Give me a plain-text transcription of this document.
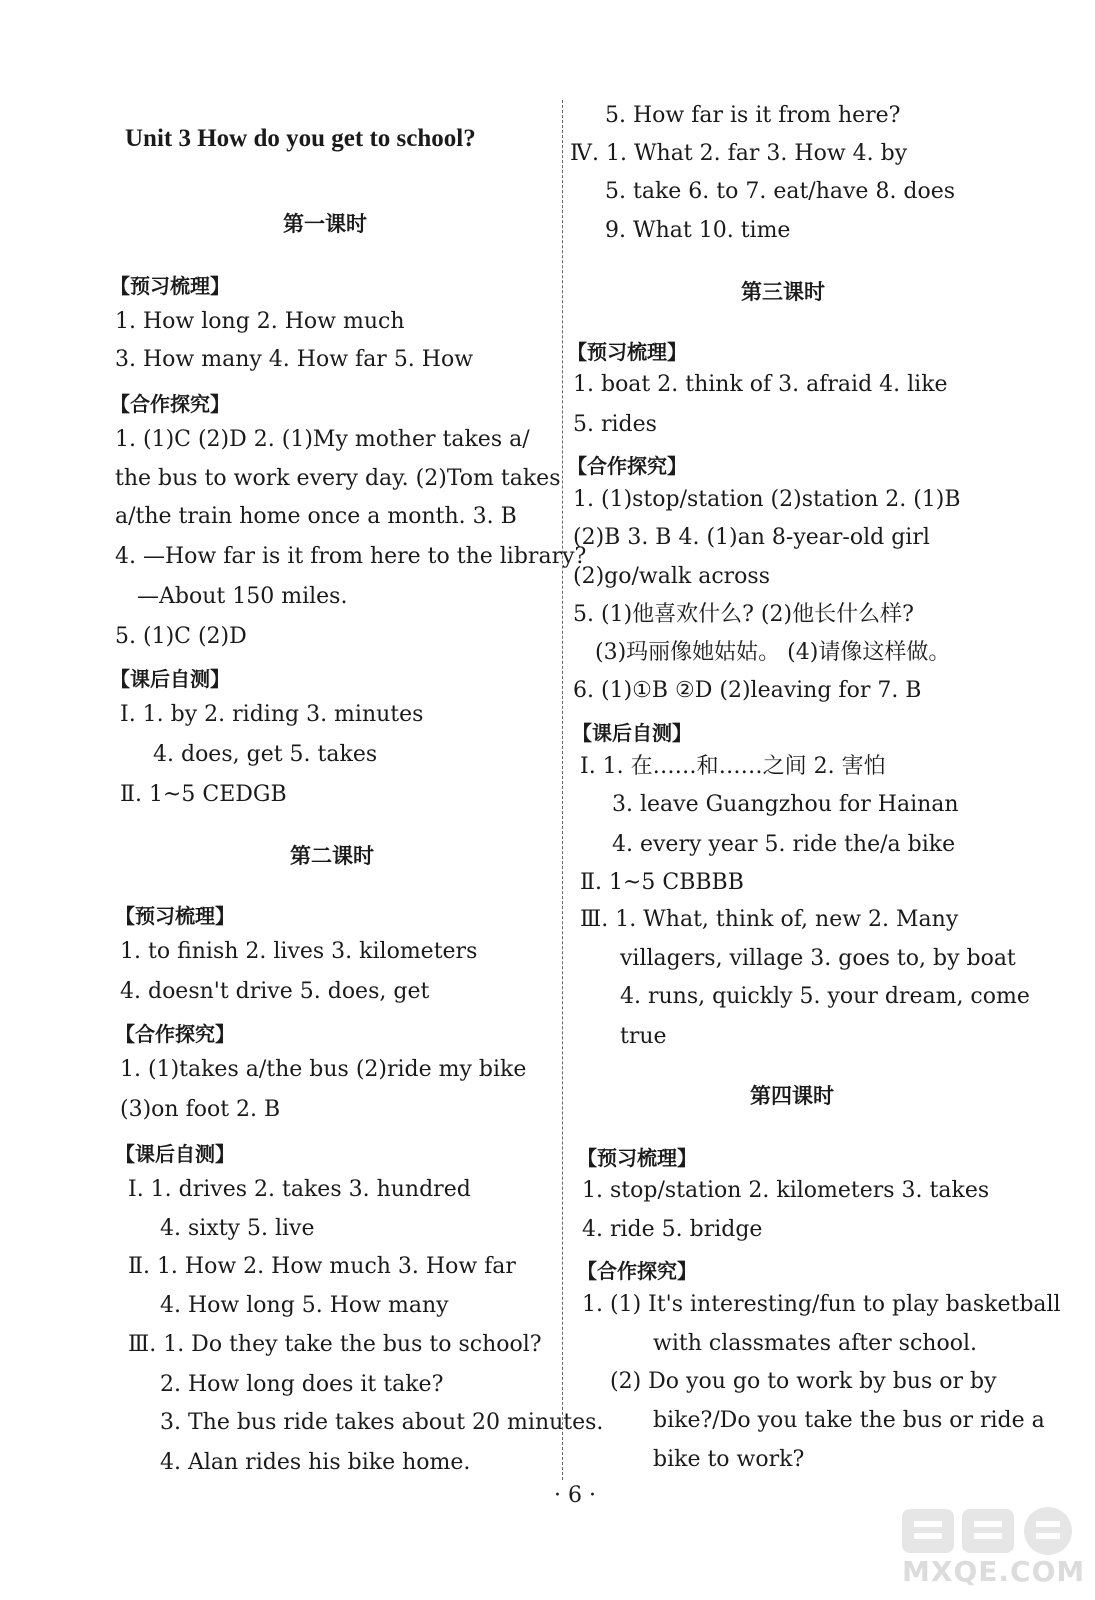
Unit 3 How do you get to school?
第一课时
【预习梳理】
1. How long 2. How much
3. How many 4. How far 5. How
【合作探究】
1. (1)C (2)D 2. (1)My mother takes a/
the bus to work every day. (2)Tom takes
a/the train home once a month. 3. B
4. —How far is it from here to the library?
—About 150 miles.
5. (1)C (2)D
【课后自测】
Ⅰ. 1. by 2. riding 3. minutes
4. does, get 5. takes
Ⅱ. 1~5 CEDGB
第二课时
【预习梳理】
1. to finish 2. lives 3. kilometers
4. doesn't drive 5. does, get
【合作探究】
1. (1)takes a/the bus (2)ride my bike
(3)on foot 2. B
【课后自测】
Ⅰ. 1. drives 2. takes 3. hundred
4. sixty 5. live
Ⅱ. 1. How 2. How much 3. How far
4. How long 5. How many
Ⅲ. 1. Do they take the bus to school?
2. How long does it take?
3. The bus ride takes about 20 minutes.
4. Alan rides his bike home.
5. How far is it from here?
Ⅳ. 1. What 2. far 3. How 4. by
5. take 6. to 7. eat/have 8. does
9. What 10. time
第三课时
【预习梳理】
1. boat 2. think of 3. afraid 4. like
5. rides
【合作探究】
1. (1)stop/station (2)station 2. (1)B
(2)B 3. B 4. (1)an 8-year-old girl
(2)go/walk across
5. (1)他喜欢什么? (2)他长什么样?
(3)玛丽像她姑姑。 (4)请像这样做。
6. (1)①B ②D (2)leaving for 7. B
【课后自测】
Ⅰ. 1. 在……和……之间 2. 害怕
3. leave Guangzhou for Hainan
4. every year 5. ride the/a bike
Ⅱ. 1~5 CBBBB
Ⅲ. 1. What, think of, new 2. Many
villagers, village 3. goes to, by boat
4. runs, quickly 5. your dream, come
true
第四课时
【预习梳理】
1. stop/station 2. kilometers 3. takes
4. ride 5. bridge
【合作探究】
1. (1) It's interesting/fun to play basketball
with classmates after school.
(2) Do you go to work by bus or by
bike?/Do you take the bus or ride a
bike to work?
· 6 ·
MXQE.COM
